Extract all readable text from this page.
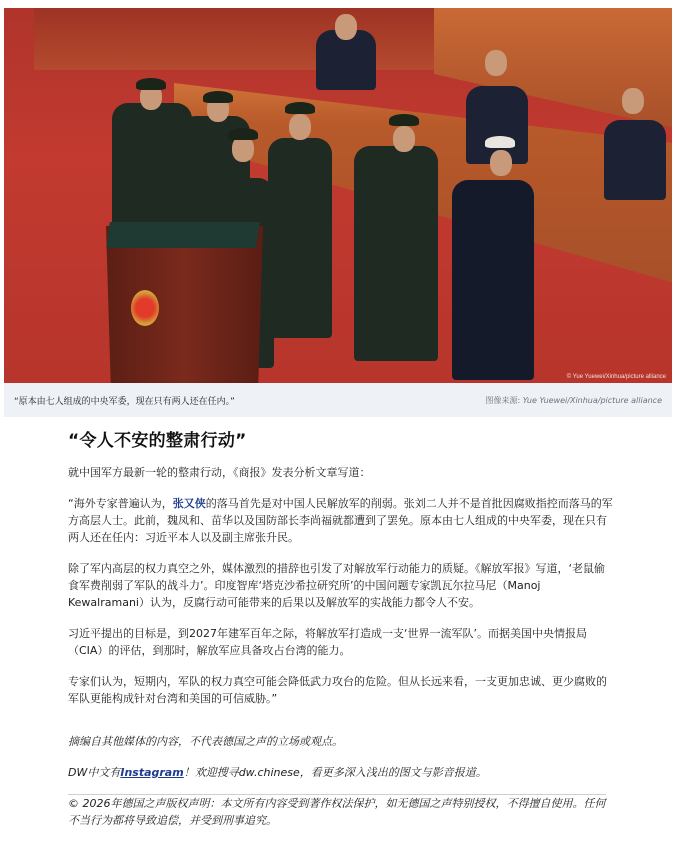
© Yue Yuewei/Xinhua/picture alliance
“原本由七人组成的中央军委，现在只有两人还在任内。”	图像来源: Yue Yuewei/Xinhua/picture alliance
“令人不安的整肃行动”

就中国军方最新一轮的整肃行动，《商报》发表分析文章写道：

“海外专家普遍认为，张又侠的落马首先是对中国人民解放军的削弱。张刘二人并不是首批因腐败指控而落马的军方高层人士。此前，魏凤和、苗华以及国防部长李尚福就都遭到了罢免。原本由七人组成的中央军委，现在只有两人还在任内：习近平本人以及副主席张升民。

除了军内高层的权力真空之外，媒体激烈的措辞也引发了对解放军行动能力的质疑。《解放军报》写道，‘老鼠偷食军费削弱了军队的战斗力’。印度智库‘塔克沙希拉研究所’的中国问题专家凯瓦尔拉马尼（Manoj Kewalramani）认为，反腐行动可能带来的后果以及解放军的实战能力都令人不安。

习近平提出的目标是，到2027年建军百年之际，将解放军打造成一支‘世界一流军队’。而据美国中央情报局（CIA）的评估，到那时，解放军应具备攻占台湾的能力。

专家们认为，短期内，军队的权力真空可能会降低武力攻台的危险。但从长远来看，一支更加忠诚、更少腐败的军队更能构成针对台湾和美国的可信威胁。”

摘编自其他媒体的内容，不代表德国之声的立场或观点。

DW中文有Instagram！欢迎搜寻dw.chinese，看更多深入浅出的图文与影音报道。

© 2026年德国之声版权声明：本文所有内容受到著作权法保护，如无德国之声特别授权，不得擅自使用。任何不当行为都将导致追偿，并受到刑事追究。
